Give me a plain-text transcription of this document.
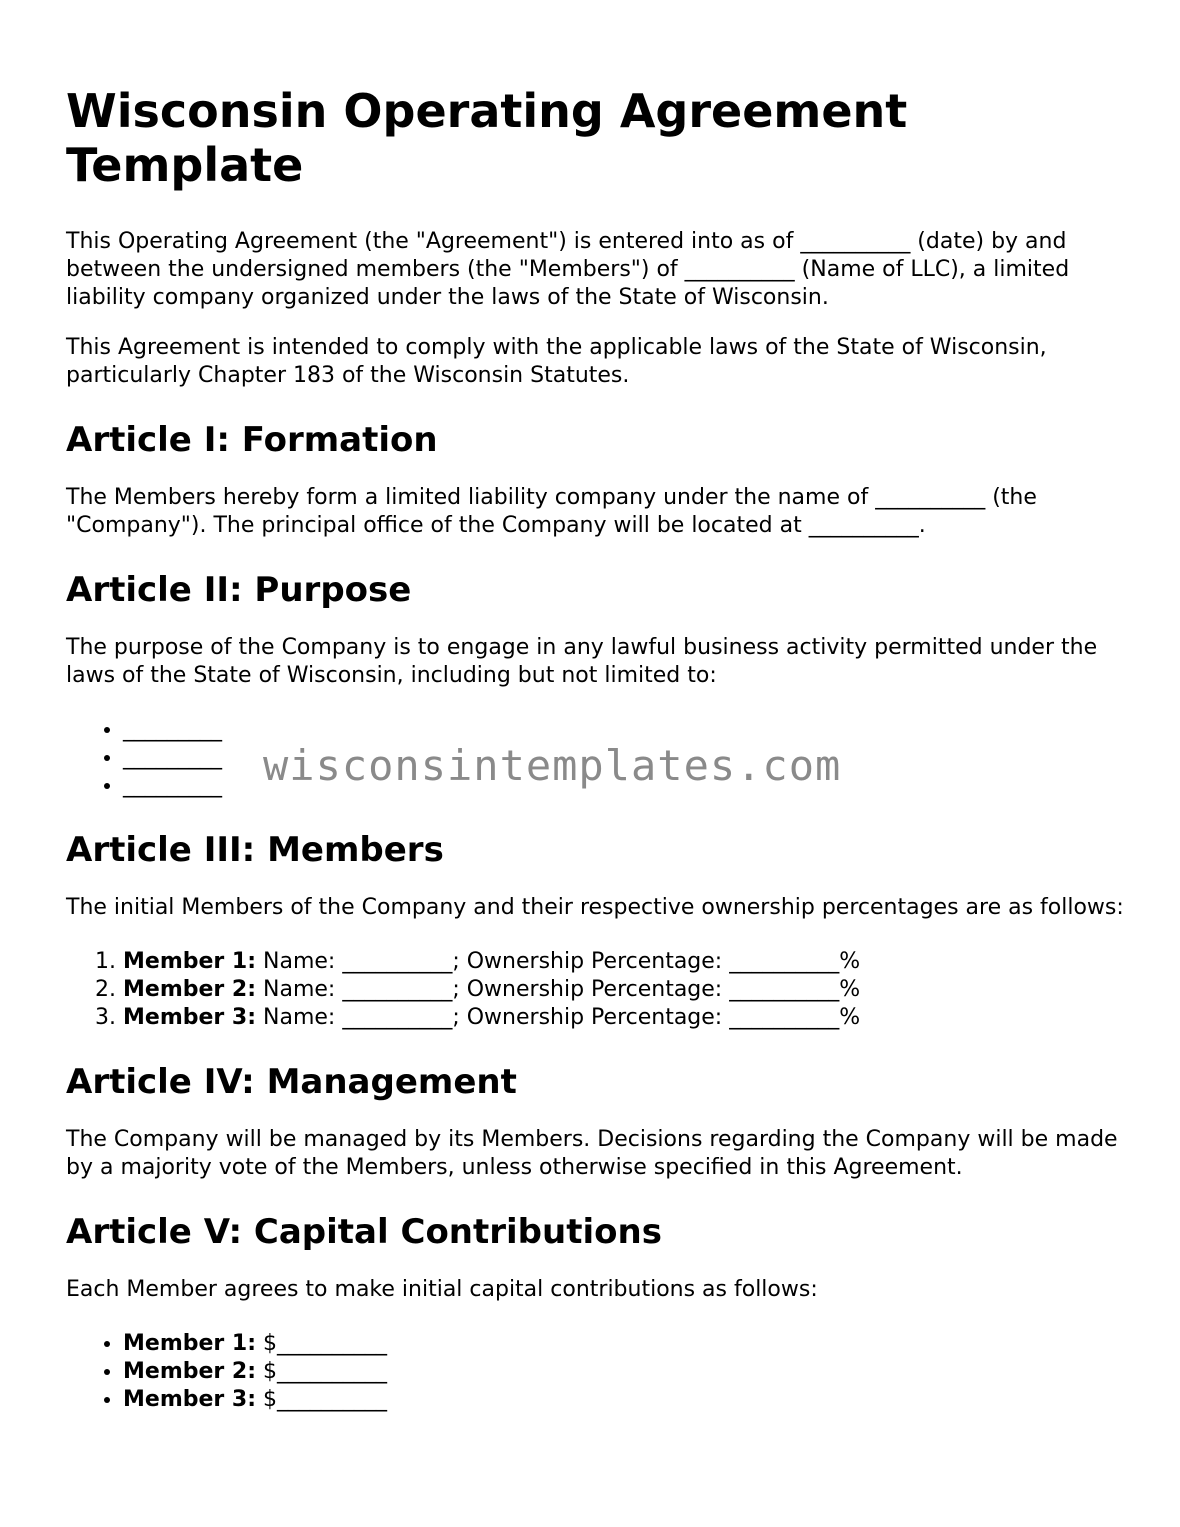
Wisconsin Operating Agreement Template

This Operating Agreement (the "Agreement") is entered into as of __________ (date) by and between the undersigned members (the "Members") of __________ (Name of LLC), a limited liability company organized under the laws of the State of Wisconsin.

This Agreement is intended to comply with the applicable laws of the State of Wisconsin, particularly Chapter 183 of the Wisconsin Statutes.

Article I: Formation

The Members hereby form a limited liability company under the name of __________ (the "Company"). The principal office of the Company will be located at __________.

Article II: Purpose

The purpose of the Company is to engage in any lawful business activity permitted under the laws of the State of Wisconsin, including but not limited to:

• _________
• _________
• _________
Article III: Members

The initial Members of the Company and their respective ownership percentages are as follows:

1. Member 1: Name: __________; Ownership Percentage: __________%
2. Member 2: Name: __________; Ownership Percentage: __________%
3. Member 3: Name: __________; Ownership Percentage: __________%
Article IV: Management

The Company will be managed by its Members. Decisions regarding the Company will be made by a majority vote of the Members, unless otherwise specified in this Agreement.

Article V: Capital Contributions

Each Member agrees to make initial capital contributions as follows:

• Member 1: $__________
• Member 2: $__________
• Member 3: $__________
wisconsintemplates.com
